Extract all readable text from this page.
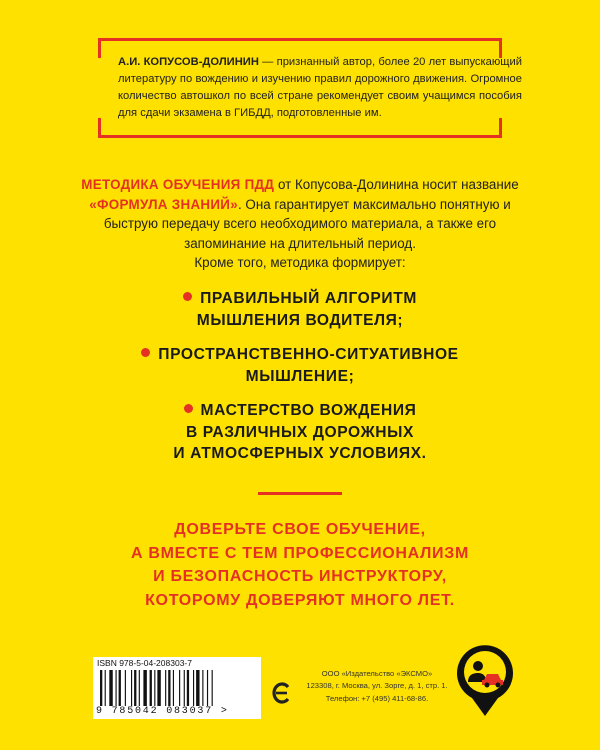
А.И. КОПУСОВ-ДОЛИНИН — признанный автор, более 20 лет выпускающий литературу по вождению и изучению правил дорожного движения. Огромное количество автошкол по всей стране рекомендует своим учащимся пособия для сдачи экзамена в ГИБДД, подготовленные им.
МЕТОДИКА ОБУЧЕНИЯ ПДД от Копусова-Долинина носит название «ФОРМУЛА ЗНАНИЙ». Она гарантирует максимально понятную и быструю передачу всего необходимого материала, а также его запоминание на длительный период.
Кроме того, методика формирует:
ПРАВИЛЬНЫЙ АЛГОРИТМ
МЫШЛЕНИЯ ВОДИТЕЛЯ;
ПРОСТРАНСТВЕННО-СИТУАТИВНОЕ
МЫШЛЕНИЕ;
МАСТЕРСТВО ВОЖДЕНИЯ
В РАЗЛИЧНЫХ ДОРОЖНЫХ
И АТМОСФЕРНЫХ УСЛОВИЯХ.
ДОВЕРЬТЕ СВОЕ ОБУЧЕНИЕ,
А ВМЕСТЕ С ТЕМ ПРОФЕССИОНАЛИЗМ
И БЕЗОПАСНОСТЬ ИНСТРУКТОРУ,
КОТОРОМУ ДОВЕРЯЮТ МНОГО ЛЕТ.
ISBN 978-5-04-208303-7
9 785042 083037 >
ООО «Издательство «ЭКСМО»
123308, г. Москва, ул. Зорге, д. 1, стр. 1.
Телефон: +7 (495) 411-68-86.
